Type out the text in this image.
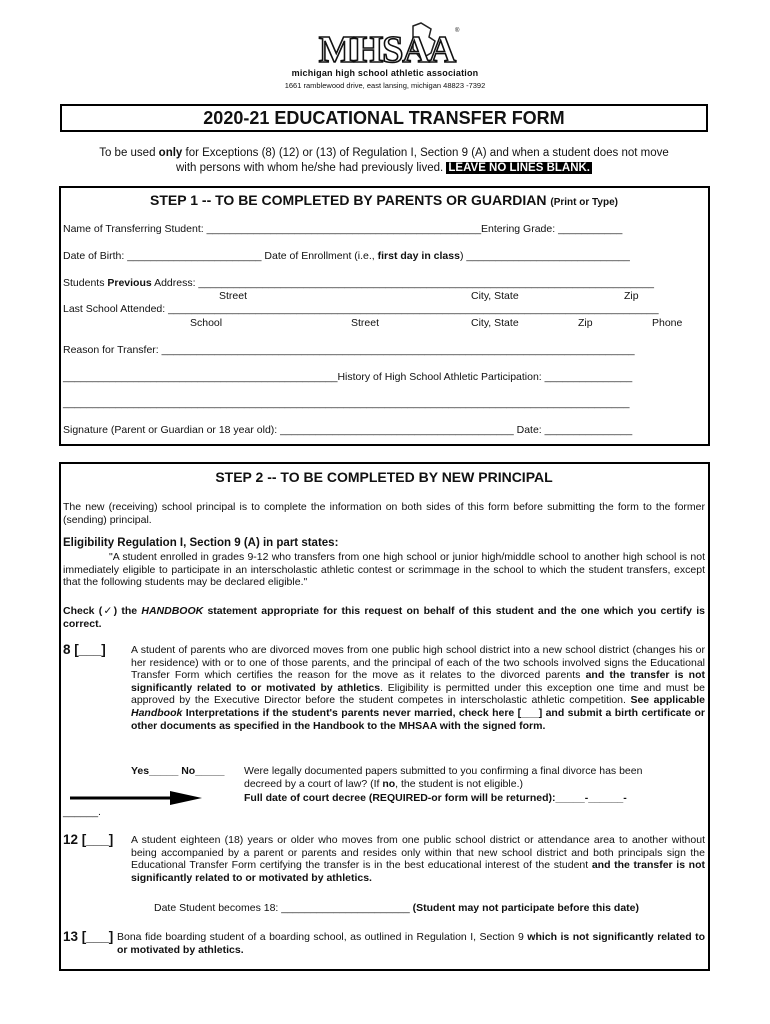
MHSAA ®
michigan high school athletic association
1661 ramblewood drive, east lansing, michigan 48823 -7392
2020-21 EDUCATIONAL TRANSFER FORM
To be used only for Exceptions (8) (12) or (13) of Regulation I, Section 9 (A) and when a student does not move
with persons with whom he/she had previously lived. LEAVE NO LINES BLANK.
STEP 1 -- TO BE COMPLETED BY PARENTS OR GUARDIAN (Print or Type)
Name of Transferring Student: _______________________________________________Entering Grade: ___________
Date of Birth: _______________________ Date of Enrollment (i.e., first day in class) ____________________________
Students Previous Address: ______________________________________________________________________________
Street	City, State	Zip
Last School Attended: ____________________________________________________________________________________
School	Street	City, State	Zip	Phone
Reason for Transfer: _________________________________________________________________________________
_______________________________________________History of High School Athletic Participation: _______________
_________________________________________________________________________________________________
Signature (Parent or Guardian or 18 year old): ________________________________________ Date: _______________
STEP 2 -- TO BE COMPLETED BY NEW PRINCIPAL
The new (receiving) school principal is to complete the information on both sides of this form before submitting the form to the former (sending) principal.
Eligibility Regulation I, Section 9 (A) in part states:
"A student enrolled in grades 9-12 who transfers from one high school or junior high/middle school to another high school is not immediately eligible to participate in an interscholastic athletic contest or scrimmage in the school to which the student transfers, except that the following students may be declared eligible."
Check (✓) the HANDBOOK statement appropriate for this request on behalf of this student and the one which you certify is correct.
8 [___] A student of parents who are divorced moves from one public high school district into a new school district (changes his or her residence) with or to one of those parents, and the principal of each of the two schools involved signs the Educational Transfer Form which certifies the reason for the move as it relates to the divorced parents and the transfer is not significantly related to or motivated by athletics. Eligibility is permitted under this exception one time and must be approved by the Executive Director before the student competes in interscholastic athletic competition. See applicable Handbook Interpretations if the student's parents never married, check here [___] and submit a birth certificate or other documents as specified in the Handbook to the MHSAA with the signed form.
Yes_____ No_____ Were legally documented papers submitted to you confirming a final divorce has been
decreed by a court of law? (If no, the student is not eligible.)
Full date of court decree (REQUIRED-or form will be returned):_____-______-
______.
12 [___] A student eighteen (18) years or older who moves from one public school district or attendance area to another without being accompanied by a parent or parents and resides only within that new school district and both principals sign the Educational Transfer Form certifying the transfer is in the best educational interest of the student and the transfer is not significantly related to or motivated by athletics.
Date Student becomes 18: ______________________ (Student may not participate before this date)
13 [___] Bona fide boarding student of a boarding school, as outlined in Regulation I, Section 9 which is not significantly related to or motivated by athletics.
